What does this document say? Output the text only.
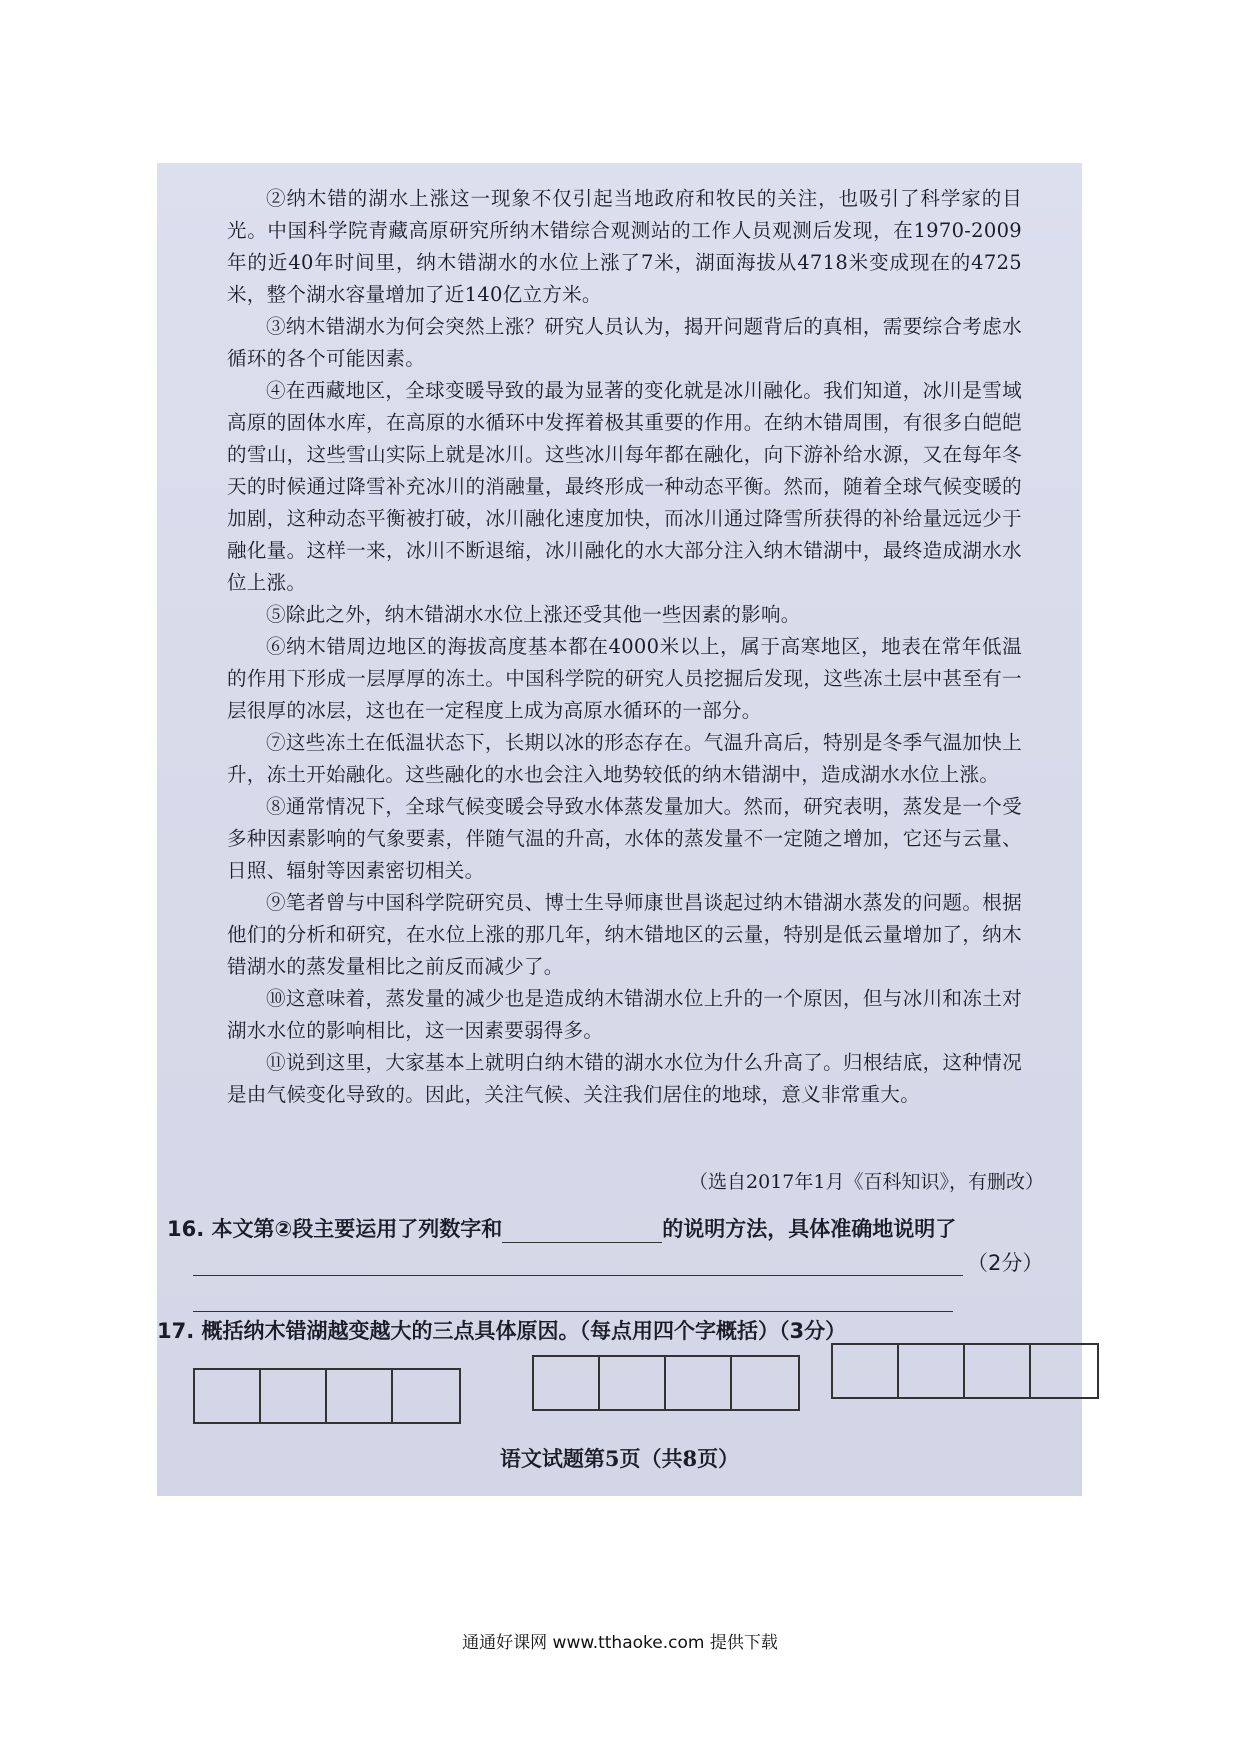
②纳木错的湖水上涨这一现象不仅引起当地政府和牧民的关注，也吸引了科学家的目光。中国科学院青藏高原研究所纳木错综合观测站的工作人员观测后发现，在1970-2009年的近40年时间里，纳木错湖水的水位上涨了7米，湖面海拔从4718米变成现在的4725米，整个湖水容量增加了近140亿立方米。

③纳木错湖水为何会突然上涨？研究人员认为，揭开问题背后的真相，需要综合考虑水循环的各个可能因素。

④在西藏地区，全球变暖导致的最为显著的变化就是冰川融化。我们知道，冰川是雪域高原的固体水库，在高原的水循环中发挥着极其重要的作用。在纳木错周围，有很多白皑皑的雪山，这些雪山实际上就是冰川。这些冰川每年都在融化，向下游补给水源，又在每年冬天的时候通过降雪补充冰川的消融量，最终形成一种动态平衡。然而，随着全球气候变暖的加剧，这种动态平衡被打破，冰川融化速度加快，而冰川通过降雪所获得的补给量远远少于融化量。这样一来，冰川不断退缩，冰川融化的水大部分注入纳木错湖中，最终造成湖水水位上涨。

⑤除此之外，纳木错湖水水位上涨还受其他一些因素的影响。

⑥纳木错周边地区的海拔高度基本都在4000米以上，属于高寒地区，地表在常年低温的作用下形成一层厚厚的冻土。中国科学院的研究人员挖掘后发现，这些冻土层中甚至有一层很厚的冰层，这也在一定程度上成为高原水循环的一部分。

⑦这些冻土在低温状态下，长期以冰的形态存在。气温升高后，特别是冬季气温加快上升，冻土开始融化。这些融化的水也会注入地势较低的纳木错湖中，造成湖水水位上涨。

⑧通常情况下，全球气候变暖会导致水体蒸发量加大。然而，研究表明，蒸发是一个受多种因素影响的气象要素，伴随气温的升高，水体的蒸发量不一定随之增加，它还与云量、日照、辐射等因素密切相关。

⑨笔者曾与中国科学院研究员、博士生导师康世昌谈起过纳木错湖水蒸发的问题。根据他们的分析和研究，在水位上涨的那几年，纳木错地区的云量，特别是低云量增加了，纳木错湖水的蒸发量相比之前反而减少了。

⑩这意味着，蒸发量的减少也是造成纳木错湖水位上升的一个原因，但与冰川和冻土对湖水水位的影响相比，这一因素要弱得多。

⑪说到这里，大家基本上就明白纳木错的湖水水位为什么升高了。归根结底，这种情况是由气候变化导致的。因此，关注气候、关注我们居住的地球，意义非常重大。

（选自2017年1月《百科知识》，有删改）
16. 本文第②段主要运用了列数字和	的说明方法，具体准确地说明了
（2分）
17. 概括纳木错湖越变越大的三点具体原因。（每点用四个字概括）（3分）
语文试题第5页（共8页）
通通好课网 www.tthaoke.com 提供下载
